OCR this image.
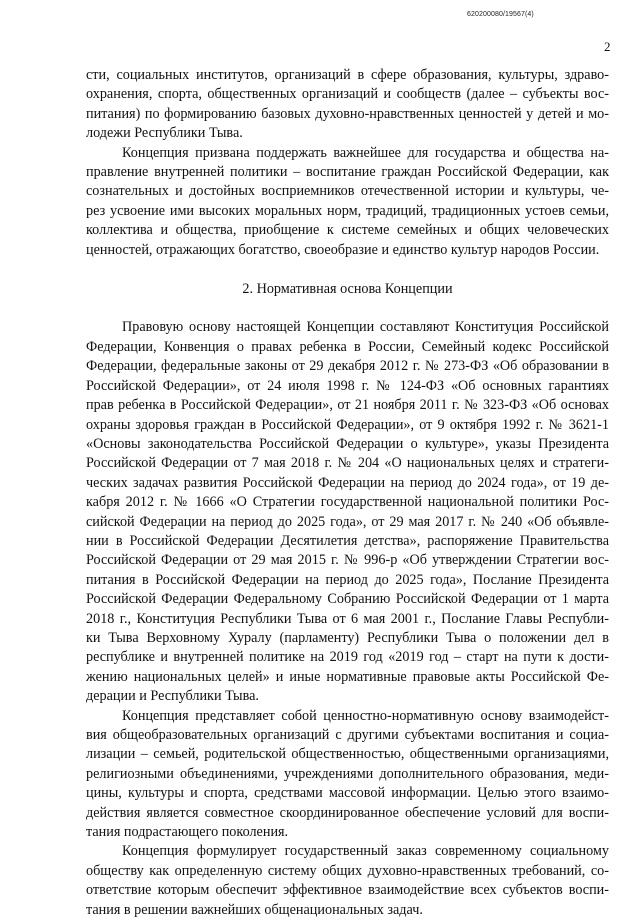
620200080/19567(4)
2

сти, социальных институтов, организаций в сфере образования, культуры, здраво-
охранения, спорта, общественных организаций и сообществ (далее – субъекты вос-
питания) по формированию базовых духовно-нравственных ценностей у детей и мо-
лодежи Республики Тыва.

Концепция призвана поддержать важнейшее для государства и общества на-
правление внутренней политики – воспитание граждан Российской Федерации, как
сознательных и достойных восприемников отечественной истории и культуры, че-
рез усвоение ими высоких моральных норм, традиций, традиционных устоев семьи,
коллектива и общества, приобщение к системе семейных и общих человеческих
ценностей, отражающих богатство, своеобразие и единство культур народов России.

2. Нормативная основа Концепции

Правовую основу настоящей Концепции составляют Конституция Российской
Федерации, Конвенция о правах ребенка в России, Семейный кодекс Российской
Федерации, федеральные законы от 29 декабря 2012 г. № 273-ФЗ «Об образовании в
Российской Федерации», от 24 июля 1998 г. № 124-ФЗ «Об основных гарантиях
прав ребенка в Российской Федерации», от 21 ноября 2011 г. № 323-ФЗ «Об основах
охраны здоровья граждан в Российской Федерации», от 9 октября 1992 г. № 3621-1
«Основы законодательства Российской Федерации о культуре», указы Президента
Российской Федерации от 7 мая 2018 г. № 204 «О национальных целях и стратеги-
ческих задачах развития Российской Федерации на период до 2024 года», от 19 де-
кабря 2012 г. № 1666 «О Стратегии государственной национальной политики Рос-
сийской Федерации на период до 2025 года», от 29 мая 2017 г. № 240 «Об объявле-
нии в Российской Федерации Десятилетия детства», распоряжение Правительства
Российской Федерации от 29 мая 2015 г. № 996-р «Об утверждении Стратегии вос-
питания в Российской Федерации на период до 2025 года», Послание Президента
Российской Федерации Федеральному Собранию Российской Федерации от 1 марта
2018 г., Конституция Республики Тыва от 6 мая 2001 г., Послание Главы Республи-
ки Тыва Верховному Хуралу (парламенту) Республики Тыва о положении дел в
республике и внутренней политике на 2019 год «2019 год – старт на пути к дости-
жению национальных целей» и иные нормативные правовые акты Российской Фе-
дерации и Республики Тыва.

Концепция представляет собой ценностно-нормативную основу взаимодейст-
вия общеобразовательных организаций с другими субъектами воспитания и социа-
лизации – семьей, родительской общественностью, общественными организациями,
религиозными объединениями, учреждениями дополнительного образования, меди-
цины, культуры и спорта, средствами массовой информации. Целью этого взаимо-
действия является совместное скоординированное обеспечение условий для воспи-
тания подрастающего поколения.

Концепция формулирует государственный заказ современному социальному
обществу как определенную систему общих духовно-нравственных требований, со-
ответствие которым обеспечит эффективное взаимодействие всех субъектов воспи-
тания в решении важнейших общенациональных задач.
